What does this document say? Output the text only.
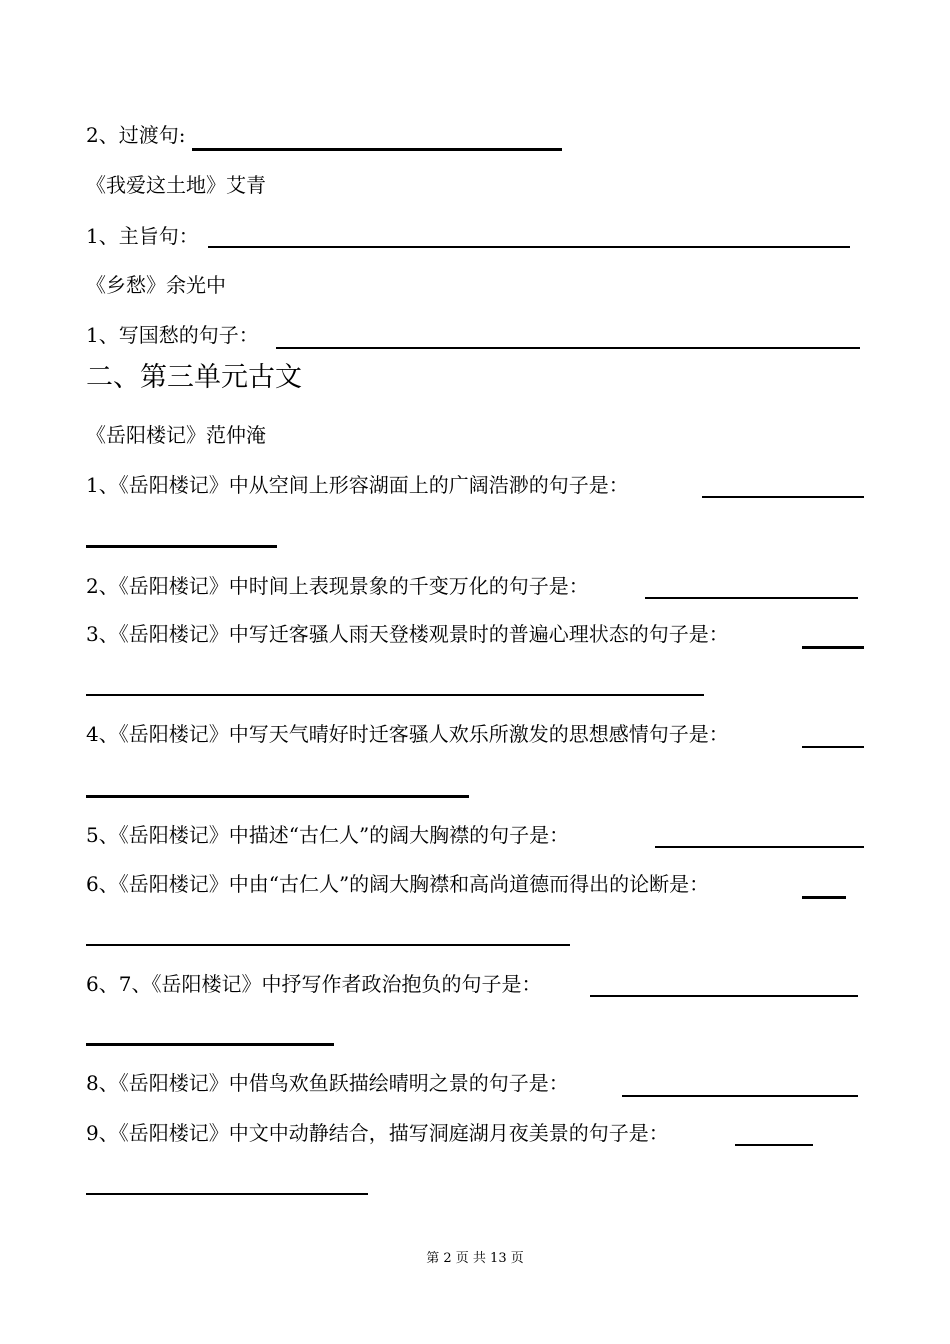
2、过渡句:
《我爱这土地》艾青
1、主旨句：
《乡愁》余光中
1、写国愁的句子：
二、第三单元古文
《岳阳楼记》范仲淹
1、《岳阳楼记》中从空间上形容湖面上的广阔浩渺的句子是：
2、《岳阳楼记》中时间上表现景象的千变万化的句子是：
3、《岳阳楼记》中写迁客骚人雨天登楼观景时的普遍心理状态的句子是：
4、《岳阳楼记》中写天气晴好时迁客骚人欢乐所激发的思想感情句子是：
5、《岳阳楼记》中描述“古仁人”的阔大胸襟的句子是：
6、《岳阳楼记》中由“古仁人”的阔大胸襟和高尚道德而得出的论断是：
6、7、《岳阳楼记》中抒写作者政治抱负的句子是：
8、《岳阳楼记》中借鸟欢鱼跃描绘晴明之景的句子是：
9、《岳阳楼记》中文中动静结合，描写洞庭湖月夜美景的句子是：
第 2 页 共 13 页
